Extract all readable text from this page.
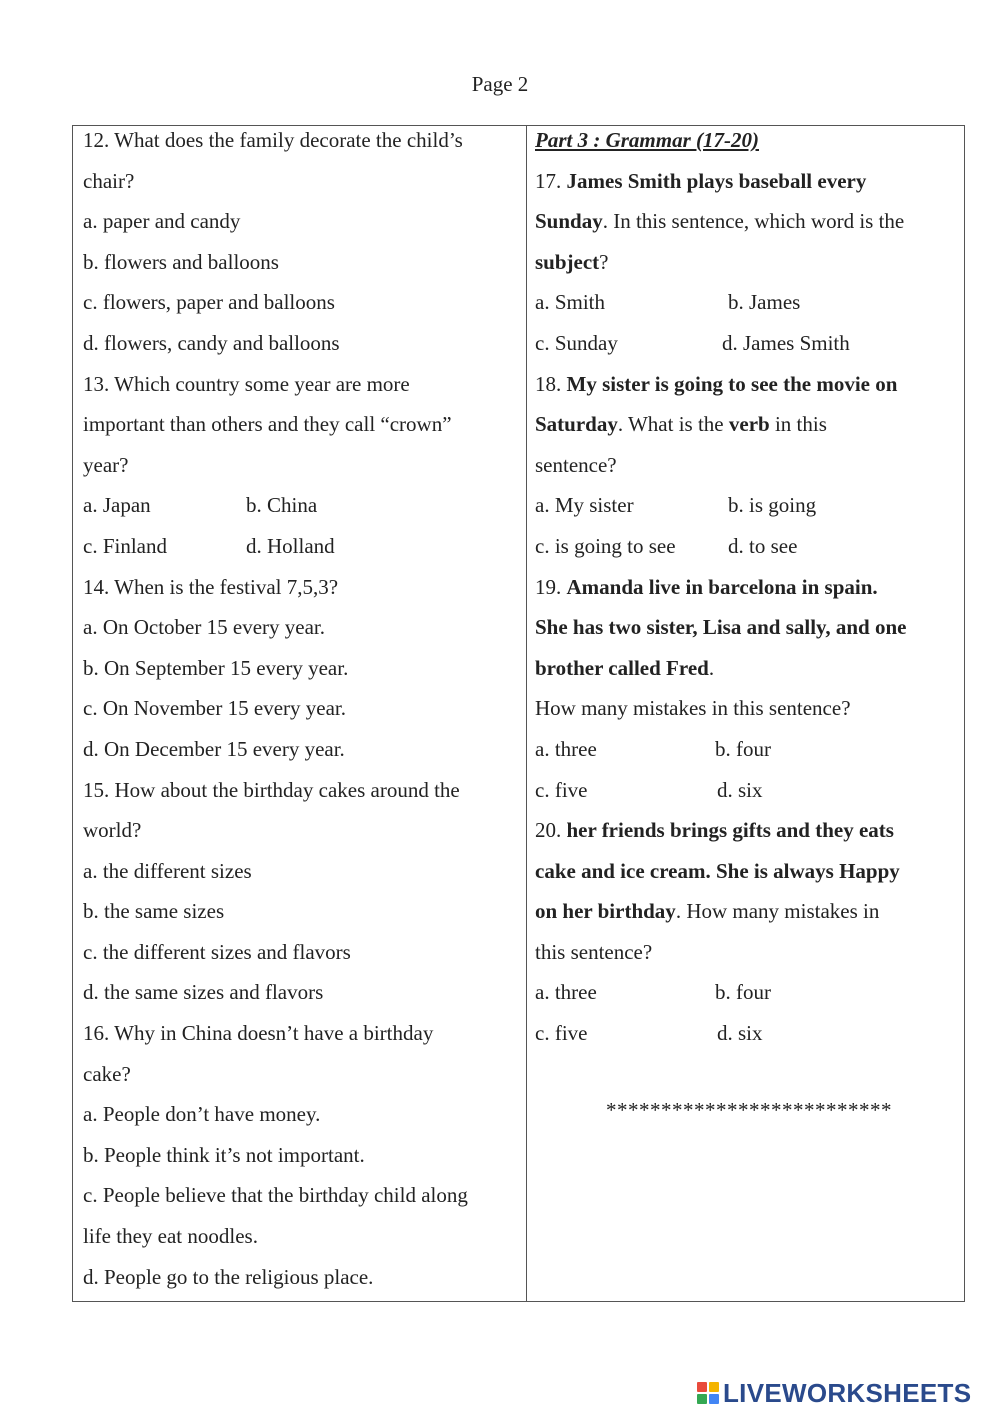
Page 2
12. What does the family decorate the child’s
chair?
a. paper and candy
b. flowers and balloons
c. flowers, paper and balloons
d. flowers, candy and balloons
13. Which country some year are more
important than others and they call “crown”
year?
a. Japan	b. China
c. Finland	d. Holland
14. When is the festival 7,5,3?
a. On October 15 every year.
b. On September 15 every year.
c. On November 15 every year.
d. On December 15 every year.
15. How about the birthday cakes around the
world?
a. the different sizes
b. the same sizes
c. the different sizes and flavors
d. the same sizes and flavors
16. Why in China doesn’t have a birthday
cake?
a. People don’t have money.
b. People think it’s not important.
c. People believe that the birthday child along
life they eat noodles.
d. People go to the religious place.
Part 3 : Grammar (17-20)
17. James Smith plays baseball every
Sunday. In this sentence, which word is the
subject?
a. Smith	b. James
c. Sunday	d. James Smith
18. My sister is going to see the movie on
Saturday. What is the verb in this
sentence?
a. My sister	b. is going
c. is going to see d. to see
19. Amanda live in barcelona in spain.
She has two sister, Lisa and sally, and one
brother called Fred.
How many mistakes in this sentence?
a. three	b. four
c. five	d. six
20. her friends brings gifts and they eats
cake and ice cream. She is always Happy
on her birthday. How many mistakes in
this sentence?
a. three	b. four
c. five	d. six
**************************
LIVEWORKSHEETS
